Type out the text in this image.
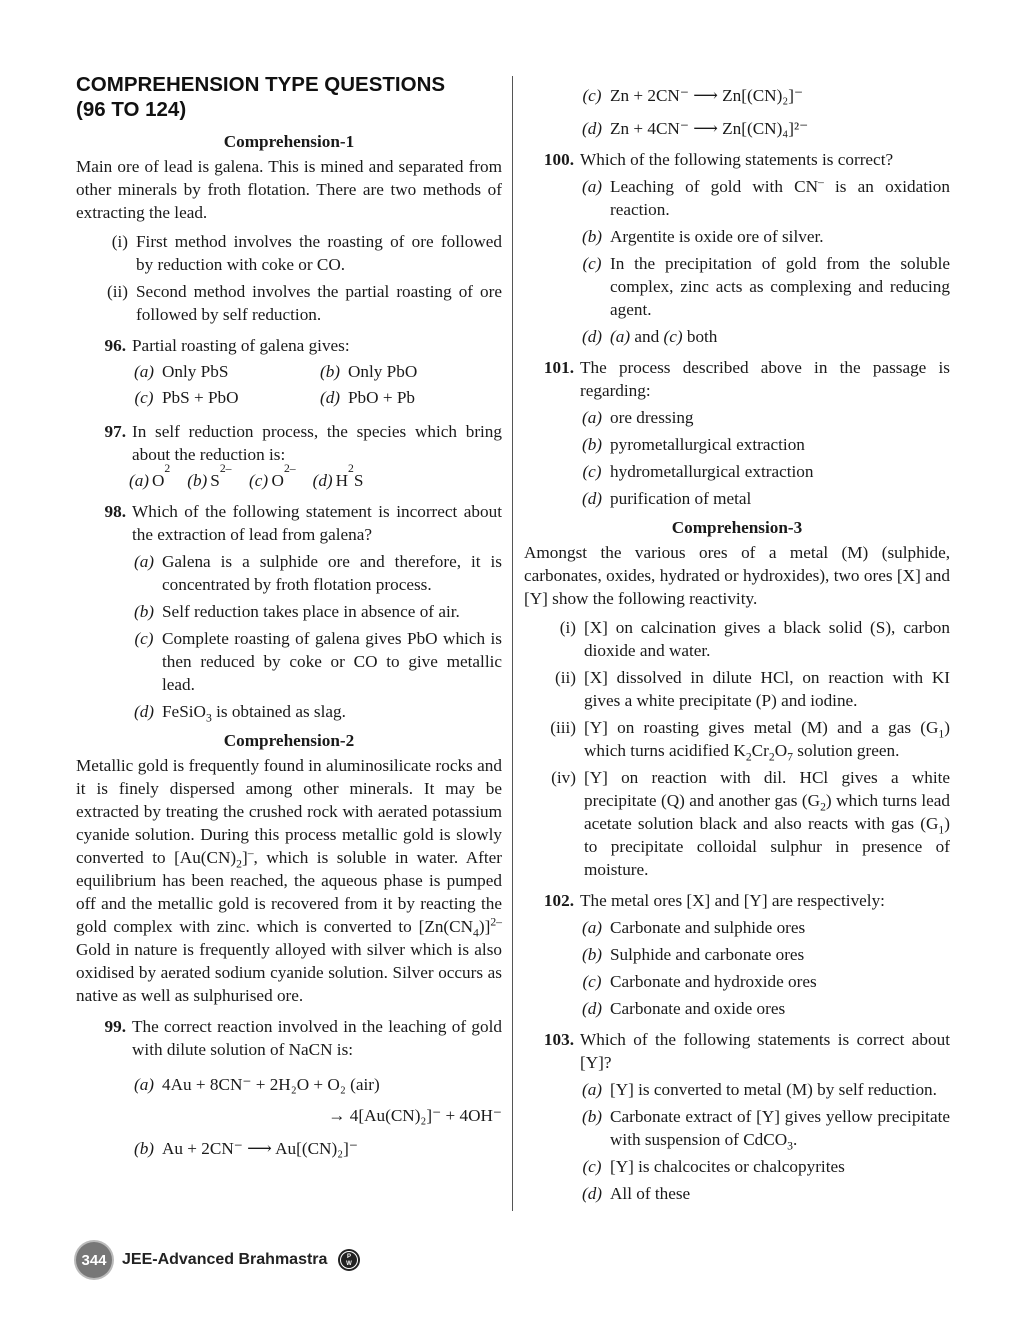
COMPREHENSION TYPE QUESTIONS
(96 TO 124)
Comprehension-1
Main ore of lead is galena. This is mined and separated from other minerals by froth flotation. There are two methods of extracting the lead.
(i) First method involves the roasting of ore followed by reduction with coke or CO.
(ii) Second method involves the partial roasting of ore followed by self reduction.
96. Partial roasting of galena gives:
(a) Only PbS	(b) Only PbO
(c) PbS + PbO	(d) PbO + Pb
97. In self reduction process, the species which bring about the reduction is:
(a) O
2
(b) S
2–
(c) O
2–
(d) H
2
S
98. Which of the following statement is incorrect about the extraction of lead from galena?
(a) Galena is a sulphide ore and therefore, it is concentrated by froth flotation process.
(b) Self reduction takes place in absence of air.
(c) Complete roasting of galena gives PbO which is then reduced by coke or CO to give metallic lead.
(d) FeSiO$_3$ is obtained as slag.
Comprehension-2
Metallic gold is frequently found in aluminosilicate rocks and it is finely dispersed among other minerals. It may be extracted by treating the crushed rock with aerated potassium cyanide solution. During this process metallic gold is slowly converted to $[Au(CN)_2]^-$, which is soluble in water. After equilibrium has been reached, the aqueous phase is pumped off and the metallic gold is recovered from it by reacting the gold complex with zinc. which is converted to $[Zn(CN_4)]^{2-}$ Gold in nature is frequently alloyed with silver which is also oxidised by aerated sodium cyanide solution. Silver occurs as native as well as sulphurised ore.
99. The correct reaction involved in the leaching of gold with dilute solution of NaCN is:
(a) 4Au + 8CN⁻ + 2H₂O + O₂ (air)
→ 4[Au(CN)₂]⁻ + 4OH⁻
(b) Au + 2CN⁻ ⟶ Au[(CN)₂]⁻
(c) Zn + 2CN⁻ ⟶ Zn[(CN)₂]⁻
(d) Zn + 4CN⁻ ⟶ Zn[(CN)₄]²⁻
100. Which of the following statements is correct?
(a) Leaching of gold with CN– is an oxidation reaction.
(b) Argentite is oxide ore of silver.
(c) In the precipitation of gold from the soluble complex, zinc acts as complexing and reducing agent.
(d) (a) and (c) both
101. The process described above in the passage is regarding:
(a) ore dressing
(b) pyrometallurgical extraction
(c) hydrometallurgical extraction
(d) purification of metal
Comprehension-3
Amongst the various ores of a metal (M) (sulphide, carbonates, oxides, hydrated or hydroxides), two ores [X] and [Y] show the following reactivity.
(i) [X] on calcination gives a black solid (S), carbon dioxide and water.
(ii) [X] dissolved in dilute HCl, on reaction with KI gives a white precipitate (P) and iodine.
(iii) [Y] on roasting gives metal (M) and a gas $(G_1)$ which turns acidified $K_2Cr_2O_7$ solution green.
(iv) [Y] on reaction with dil. HCl gives a white precipitate (Q) and another gas $(G_2)$ which turns lead acetate solution black and also reacts with gas $(G_1)$ to precipitate colloidal sulphur in presence of moisture.
102. The metal ores [X] and [Y] are respectively:
(a) Carbonate and sulphide ores
(b) Sulphide and carbonate ores
(c) Carbonate and hydroxide ores
(d) Carbonate and oxide ores
103. Which of the following statements is correct about [Y]?
(a) [Y] is converted to metal (M) by self reduction.
(b) Carbonate extract of [Y] gives yellow precipitate with suspension of CdCO$_3$.
(c) [Y] is chalcocites or chalcopyrites
(d) All of these
344 JEE-Advanced Brahmastra	P
W
